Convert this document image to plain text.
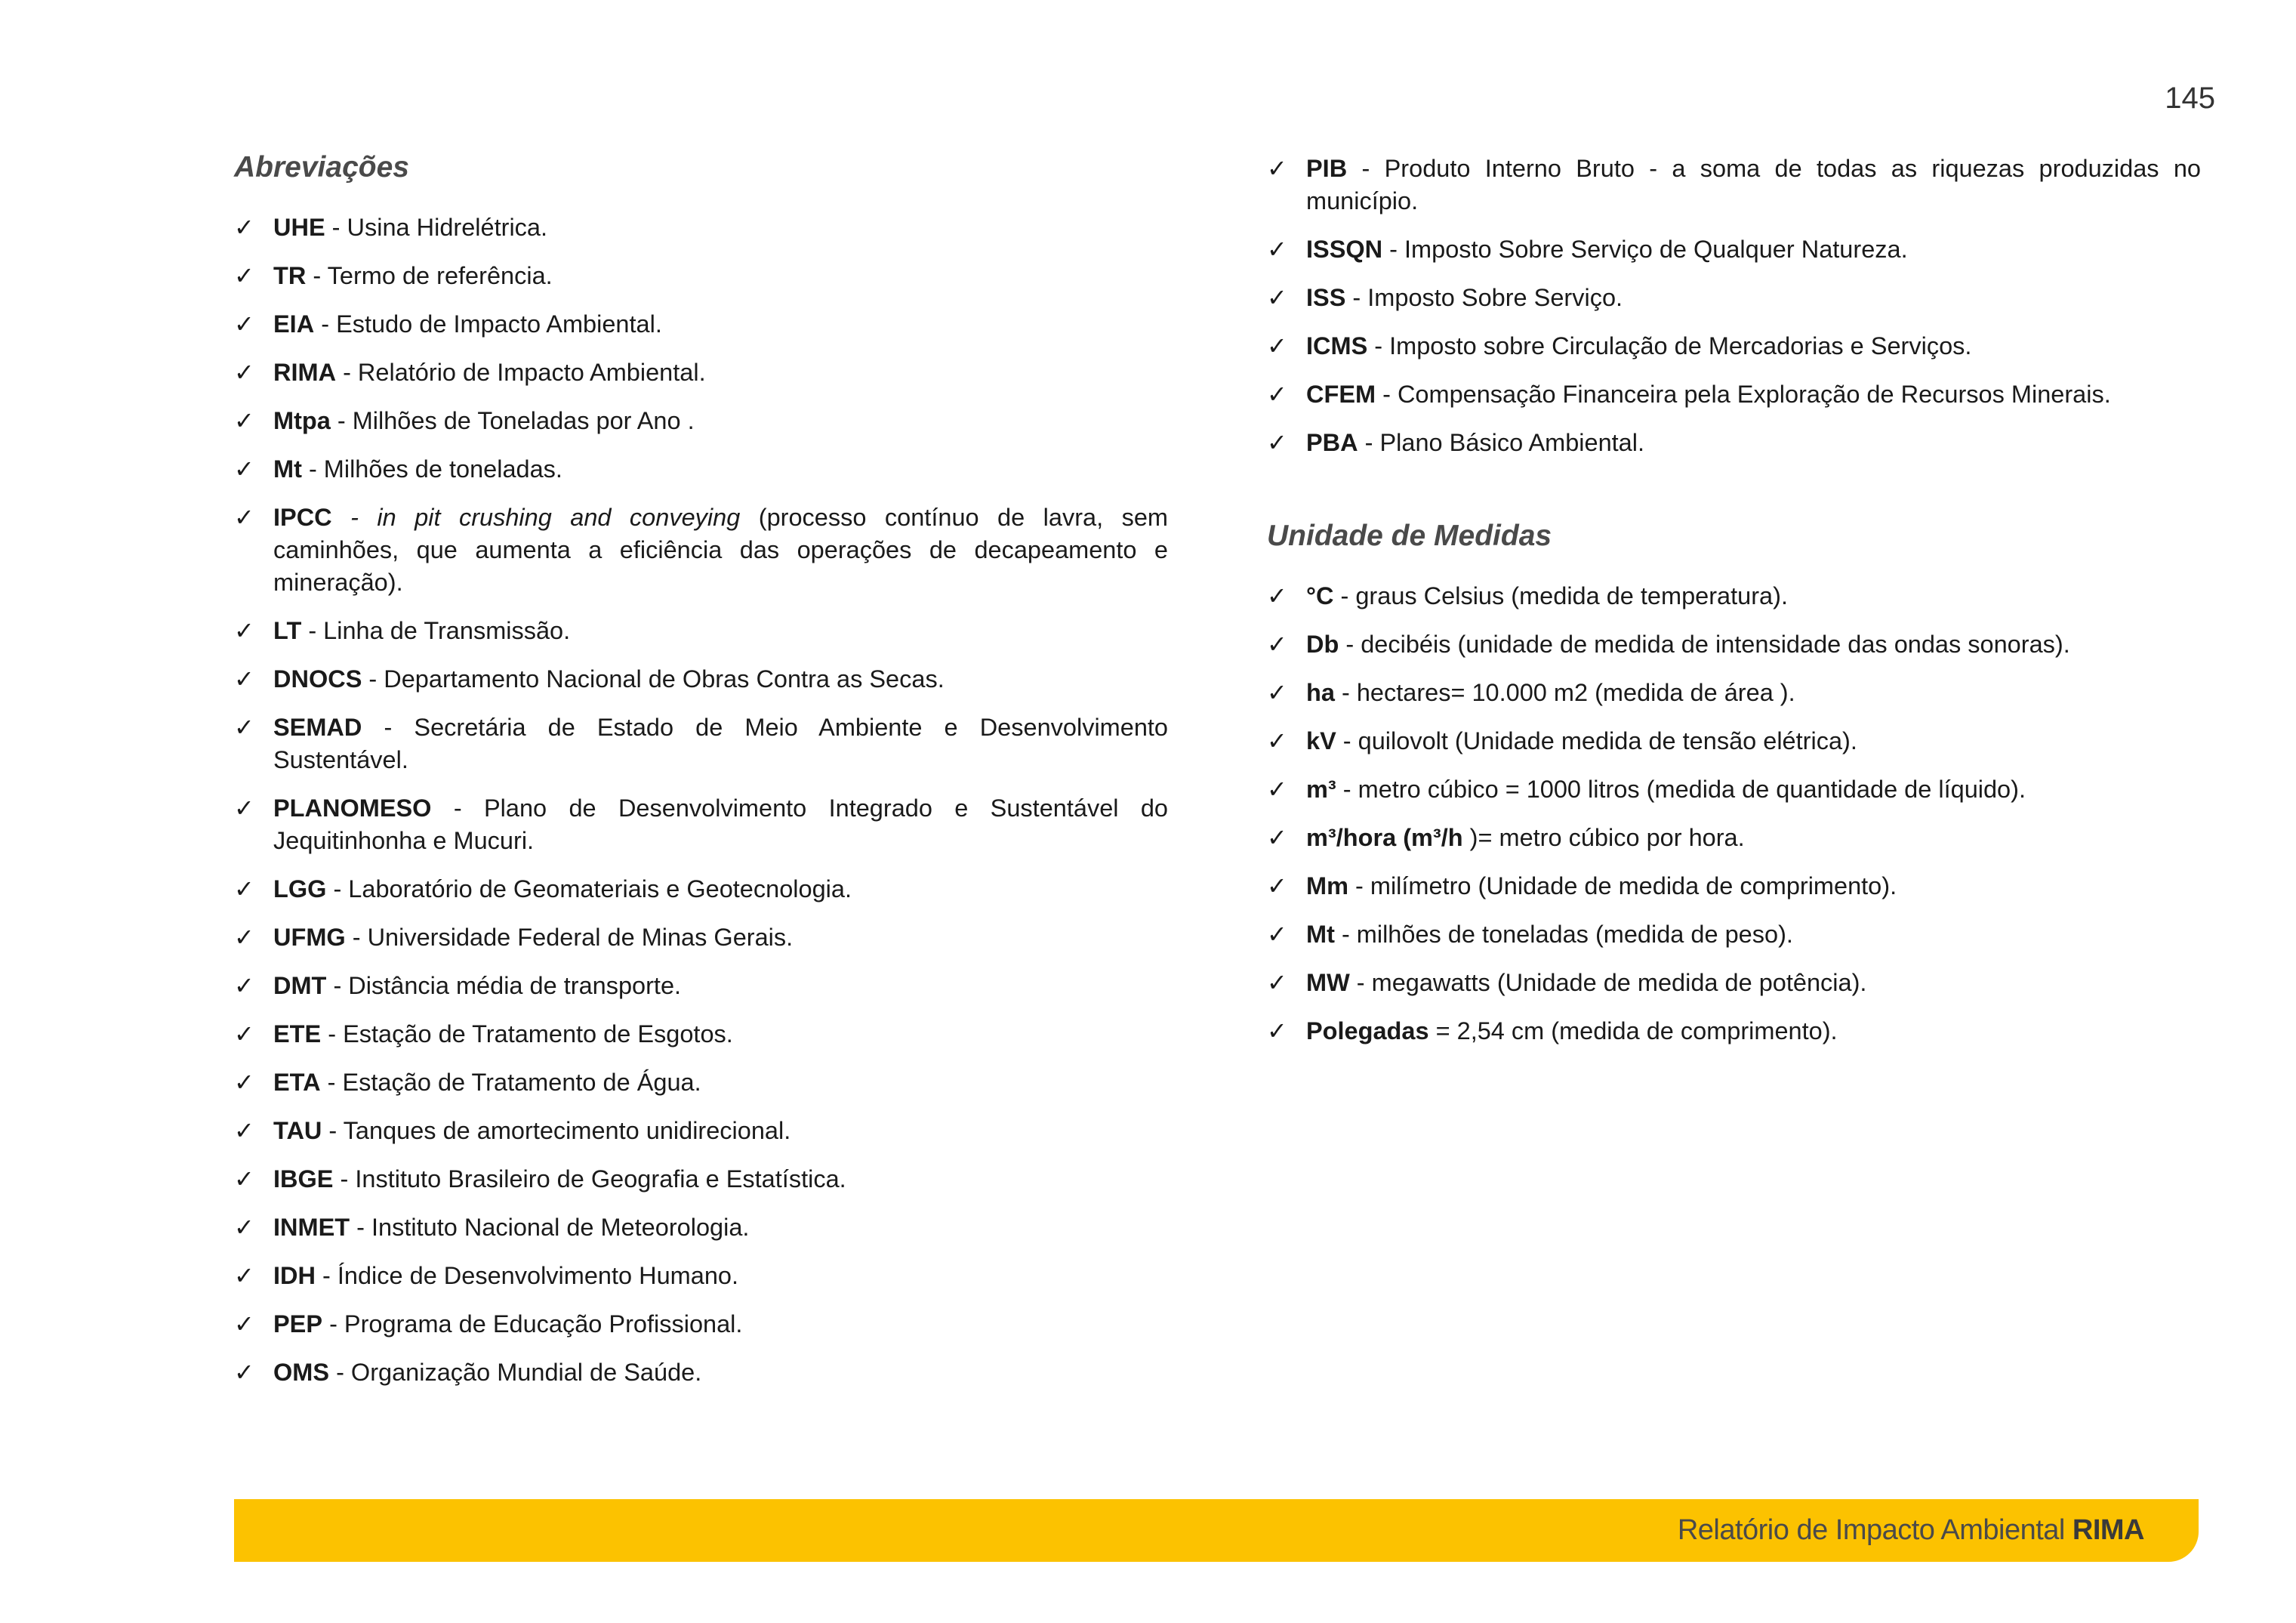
145
Abreviações
✓ UHE - Usina Hidrelétrica.
✓ TR - Termo de referência.
✓ EIA - Estudo de Impacto Ambiental.
✓ RIMA - Relatório de Impacto Ambiental.
✓ Mtpa - Milhões de Toneladas por Ano .
✓ Mt - Milhões de toneladas.
✓ IPCC - in pit crushing and conveying (processo contínuo de lavra, sem caminhões, que aumenta a eficiência das operações de decapeamento e mineração).
✓ LT - Linha de Transmissão.
✓ DNOCS - Departamento Nacional de Obras Contra as Secas.
✓ SEMAD - Secretária de Estado de Meio Ambiente e Desenvolvimento Sustentável.
✓ PLANOMESO - Plano de Desenvolvimento Integrado e Sustentável do Jequitinhonha e Mucuri.
✓ LGG - Laboratório de Geomateriais e Geotecnologia.
✓ UFMG - Universidade Federal de Minas Gerais.
✓ DMT - Distância média de transporte.
✓ ETE - Estação de Tratamento de Esgotos.
✓ ETA - Estação de Tratamento de Água.
✓ TAU - Tanques de amortecimento unidirecional.
✓ IBGE - Instituto Brasileiro de Geografia e Estatística.
✓ INMET - Instituto Nacional de Meteorologia.
✓ IDH - Índice de Desenvolvimento Humano.
✓ PEP - Programa de Educação Profissional.
✓ OMS - Organização Mundial de Saúde.
✓ PIB - Produto Interno Bruto - a soma de todas as riquezas produzidas no município.
✓ ISSQN - Imposto Sobre Serviço de Qualquer Natureza.
✓ ISS - Imposto Sobre Serviço.
✓ ICMS - Imposto sobre Circulação de Mercadorias e Serviços.
✓ CFEM - Compensação Financeira pela Exploração de Recursos Minerais.
✓ PBA - Plano Básico Ambiental.
Unidade de Medidas
✓ °C - graus Celsius (medida de temperatura).
✓ Db - decibéis (unidade de medida de intensidade das ondas sonoras).
✓ ha - hectares= 10.000 m2 (medida de área ).
✓ kV - quilovolt (Unidade medida de tensão elétrica).
✓ m³ - metro cúbico = 1000 litros (medida de quantidade de líquido).
✓ m³/hora (m³/h )= metro cúbico por hora.
✓ Mm - milímetro (Unidade de medida de comprimento).
✓ Mt - milhões de toneladas (medida de peso).
✓ MW - megawatts (Unidade de medida de potência).
✓ Polegadas = 2,54 cm (medida de comprimento).
Relatório de Impacto Ambiental RIMA
